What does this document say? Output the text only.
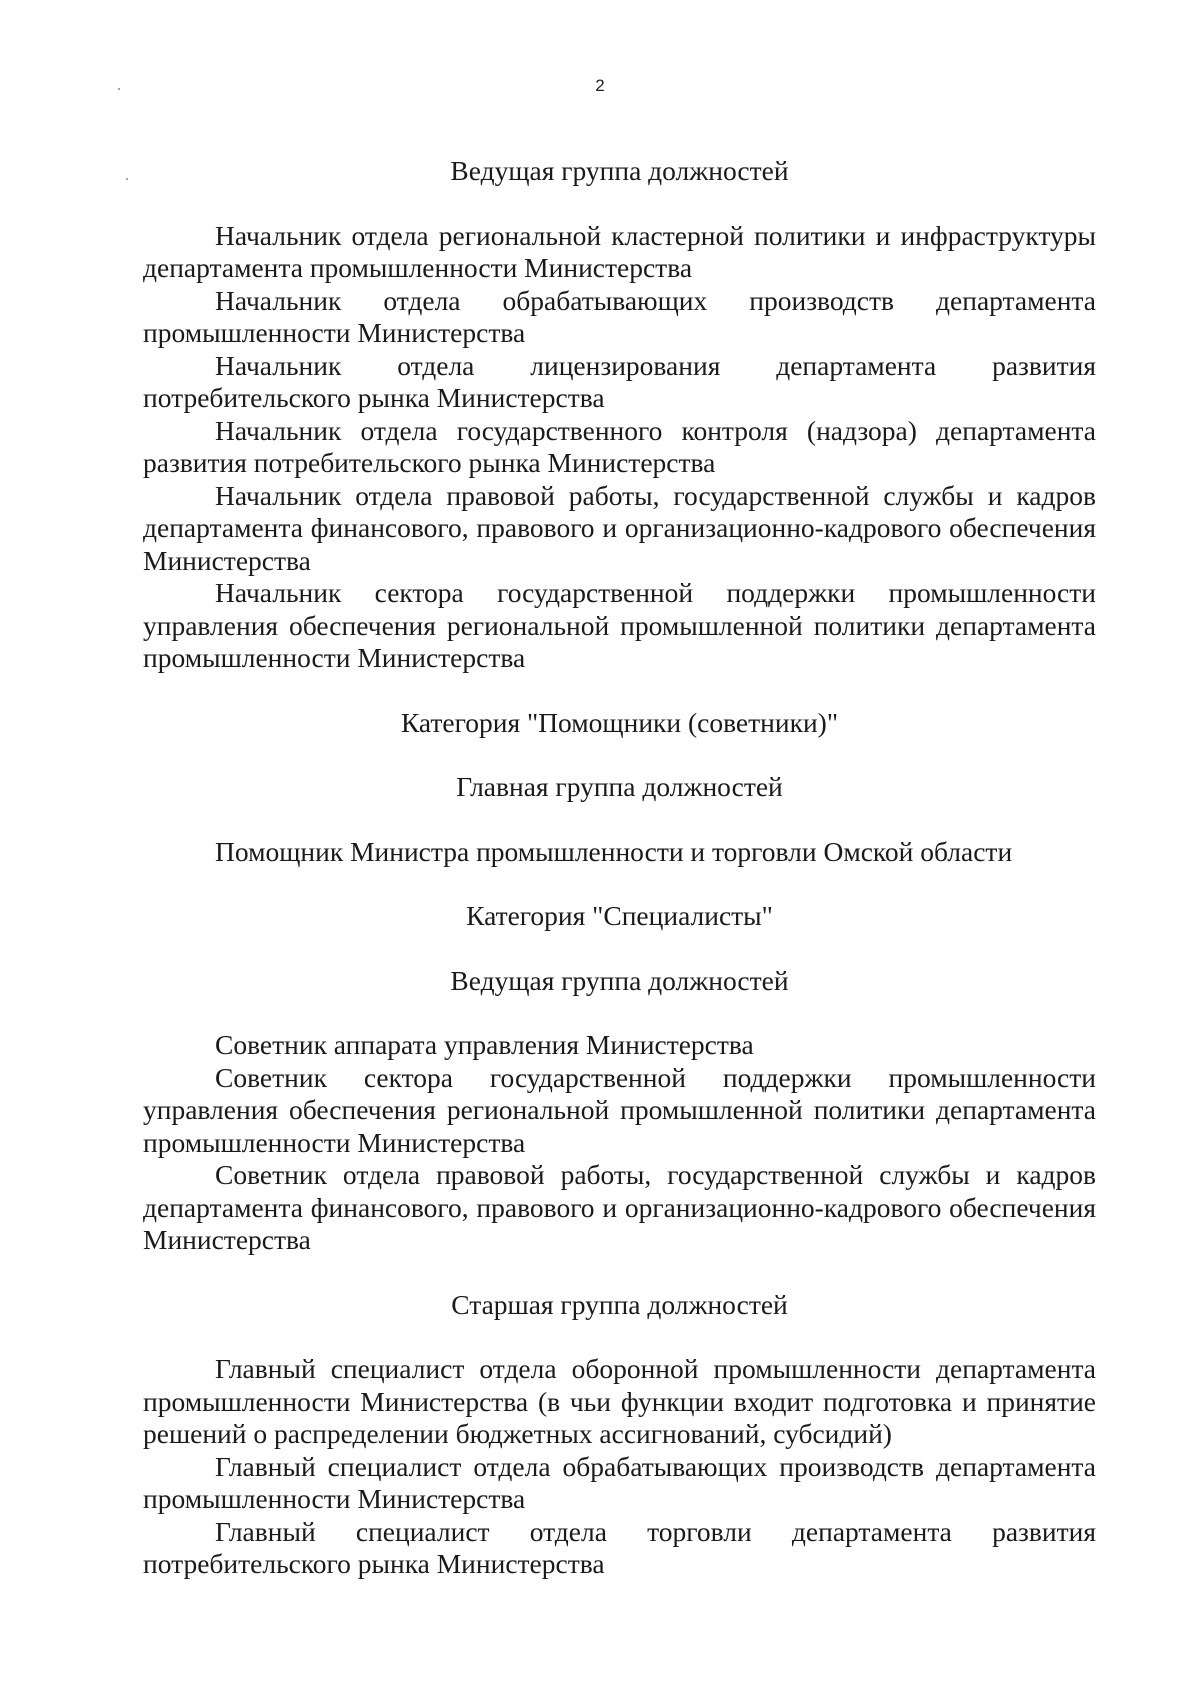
2
Ведущая группа должностей

Начальник отдела региональной кластерной политики и инфраструктуры департамента промышленности Министерства

Начальник отдела обрабатывающих производств департамента промышленности Министерства

Начальник отдела лицензирования департамента развития потребительского рынка Министерства

Начальник отдела государственного контроля (надзора) департамента развития потребительского рынка Министерства

Начальник отдела правовой работы, государственной службы и кадров департамента финансового, правового и организационно-кадрового обеспечения Министерства

Начальник сектора государственной поддержки промышленности управления обеспечения региональной промышленной политики департамента промышленности Министерства

Категория "Помощники (советники)"
Главная группа должностей

Помощник Министра промышленности и торговли Омской области

Категория "Специалисты"
Ведущая группа должностей

Советник аппарата управления Министерства

Советник сектора государственной поддержки промышленности управления обеспечения региональной промышленной политики департамента промышленности Министерства

Советник отдела правовой работы, государственной службы и кадров департамента финансового, правового и организационно-кадрового обеспечения Министерства

Старшая группа должностей

Главный специалист отдела оборонной промышленности департамента промышленности Министерства (в чьи функции входит подготовка и принятие решений о распределении бюджетных ассигнований, субсидий)

Главный специалист отдела обрабатывающих производств департамента промышленности Министерства

Главный специалист отдела торговли департамента развития потребительского рынка Министерства
